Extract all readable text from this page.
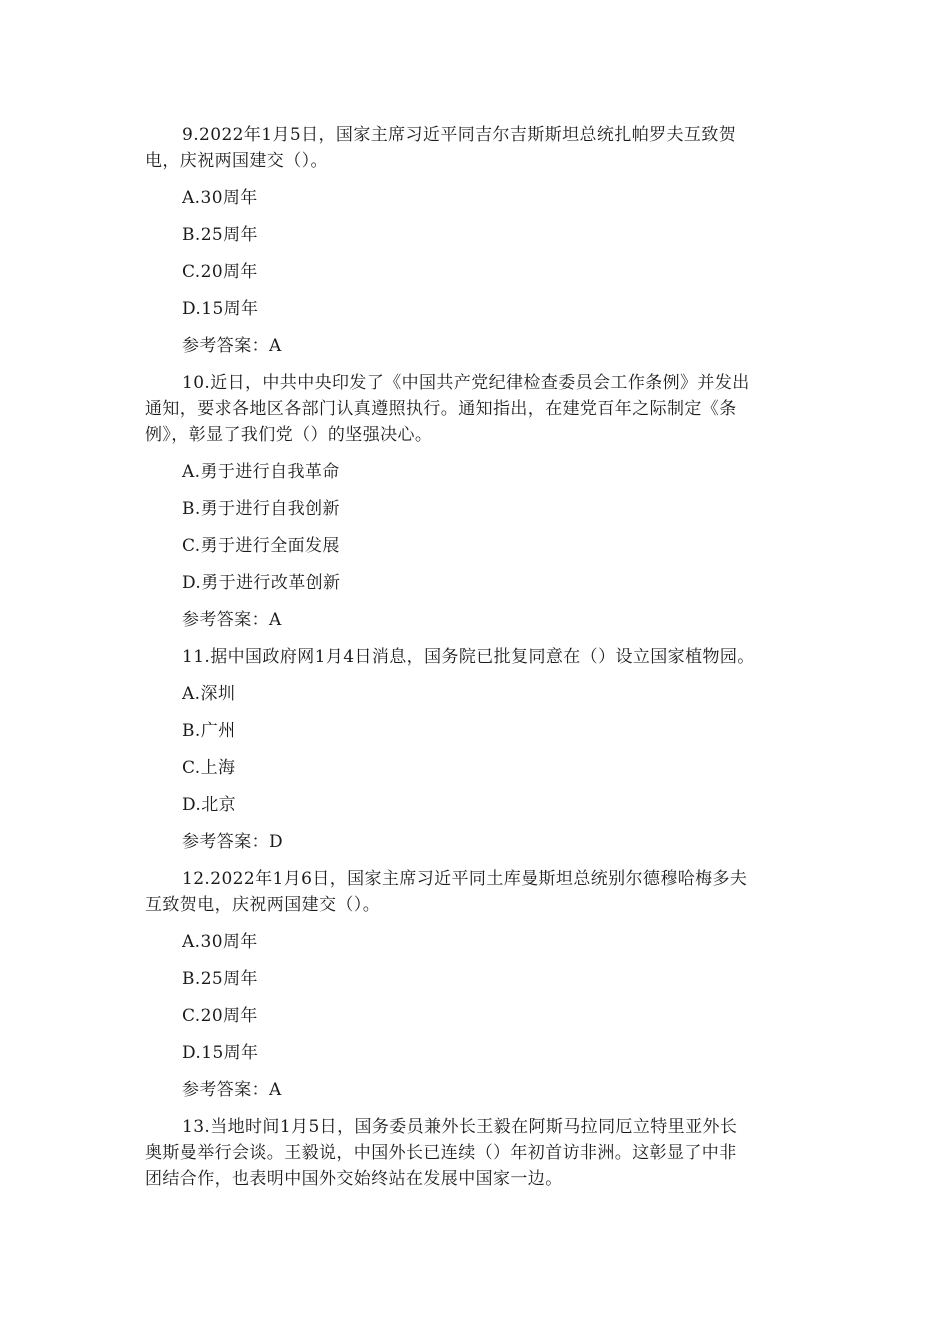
9.2022年1月5日，国家主席习近平同吉尔吉斯斯坦总统扎帕罗夫互致贺
电，庆祝两国建交（）。
A.30周年
B.25周年
C.20周年
D.15周年
参考答案：A
10.近日，中共中央印发了《中国共产党纪律检查委员会工作条例》并发出
通知，要求各地区各部门认真遵照执行。通知指出，在建党百年之际制定《条
例》，彰显了我们党（）的坚强决心。
A.勇于进行自我革命
B.勇于进行自我创新
C.勇于进行全面发展
D.勇于进行改革创新
参考答案：A
11.据中国政府网1月4日消息，国务院已批复同意在（）设立国家植物园。
A.深圳
B.广州
C.上海
D.北京
参考答案：D
12.2022年1月6日，国家主席习近平同土库曼斯坦总统别尔德穆哈梅多夫
互致贺电，庆祝两国建交（）。
A.30周年
B.25周年
C.20周年
D.15周年
参考答案：A
13.当地时间1月5日，国务委员兼外长王毅在阿斯马拉同厄立特里亚外长
奥斯曼举行会谈。王毅说，中国外长已连续（）年初首访非洲。这彰显了中非
团结合作，也表明中国外交始终站在发展中国家一边。
